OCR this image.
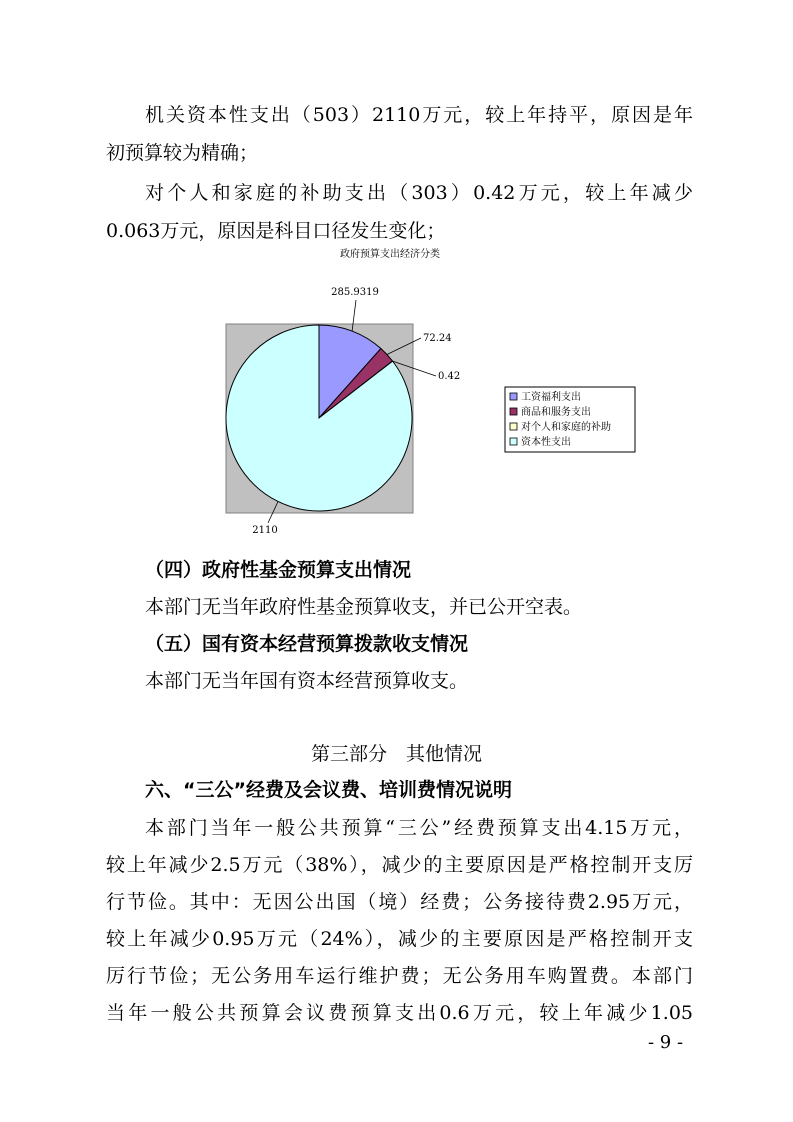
机关资本性支出（503）2110万元，较上年持平，原因是年
初预算较为精确；
对个人和家庭的补助支出（303）0.42万元，较上年减少
0.063万元，原因是科目口径发生变化；
政府预算支出经济分类
285.9319
72.24
0.42
2110
工资福利支出
商品和服务支出
对个人和家庭的补助
资本性支出
（四）政府性基金预算支出情况
本部门无当年政府性基金预算收支，并已公开空表。
（五）国有资本经营预算拨款收支情况
本部门无当年国有资本经营预算收支。
第三部分　其他情况
六、“三公”经费及会议费、培训费情况说明
本部门当年一般公共预算“三公”经费预算支出4.15万元，
较上年减少2.5万元（38%），减少的主要原因是严格控制开支厉
行节俭。其中：无因公出国（境）经费；公务接待费2.95万元，
较上年减少0.95万元（24%），减少的主要原因是严格控制开支
厉行节俭；无公务用车运行维护费；无公务用车购置费。本部门
当年一般公共预算会议费预算支出0.6万元，较上年减少1.05
- 9 -
